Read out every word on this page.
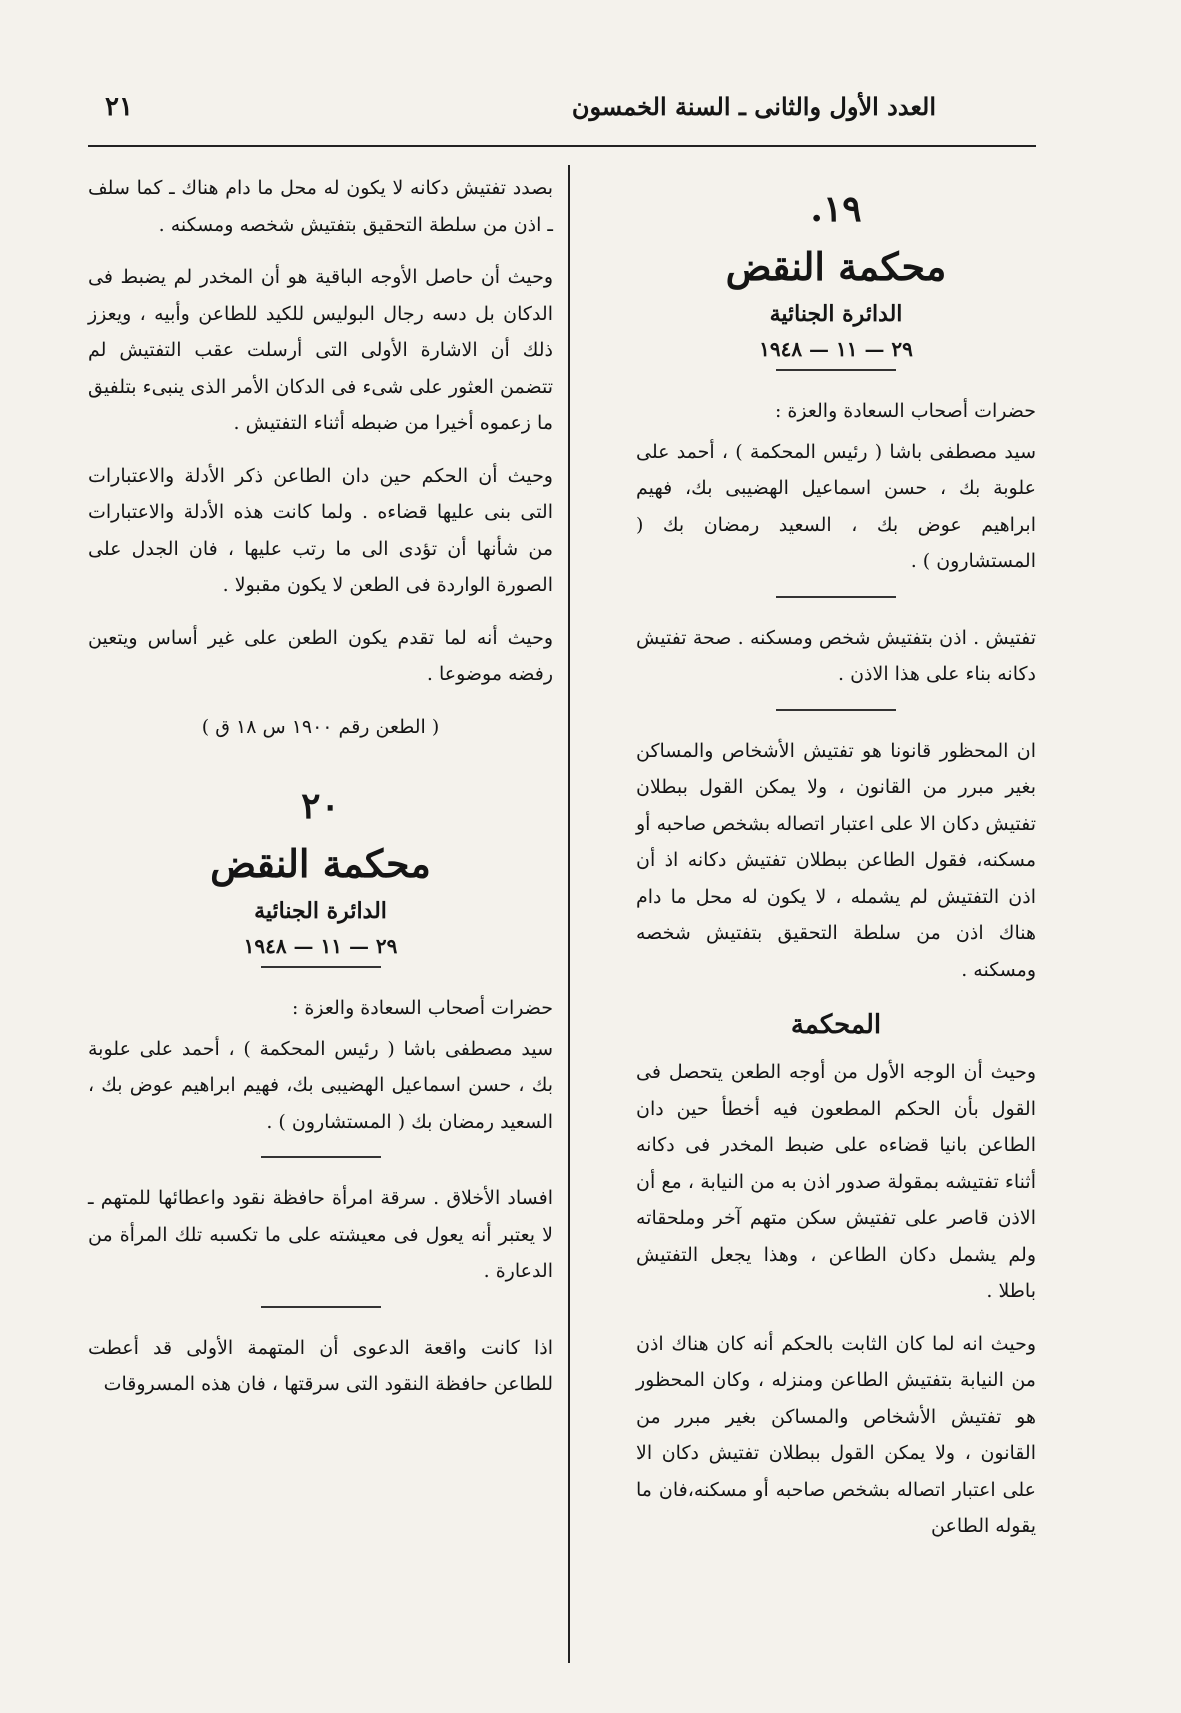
العدد الأول والثانى ـ السنة الخمسون
٢١
١٩.
محكمة النقض
الدائرة الجنائية
٢٩ — ١١ — ١٩٤٨

حضرات أصحاب السعادة والعزة :

سيد مصطفى باشا ( رئيس المحكمة ) ، أحمد على علوبة بك ، حسن اسماعيل الهضيبى بك، فهيم ابراهيم عوض بك ، السعيد رمضان بك ( المستشارون ) .

تفتيش . اذن بتفتيش شخص ومسكنه . صحة تفتيش دكانه بناء على هذا الاذن .

ان المحظور قانونا هو تفتيش الأشخاص والمساكن بغير مبرر من القانون ، ولا يمكن القول ببطلان تفتيش دكان الا على اعتبار اتصاله بشخص صاحبه أو مسكنه، فقول الطاعن ببطلان تفتيش دكانه اذ أن اذن التفتيش لم يشمله ، لا يكون له محل ما دام هناك اذن من سلطة التحقيق بتفتيش شخصه ومسكنه .

المحكمة

وحيث أن الوجه الأول من أوجه الطعن يتحصل فى القول بأن الحكم المطعون فيه أخطأ حين دان الطاعن بانيا قضاءه على ضبط المخدر فى دكانه أثناء تفتيشه بمقولة صدور اذن به من النيابة ، مع أن الاذن قاصر على تفتيش سكن متهم آخر وملحقاته ولم يشمل دكان الطاعن ، وهذا يجعل التفتيش باطلا .

وحيث انه لما كان الثابت بالحكم أنه كان هناك اذن من النيابة بتفتيش الطاعن ومنزله ، وكان المحظور هو تفتيش الأشخاص والمساكن بغير مبرر من القانون ، ولا يمكن القول ببطلان تفتيش دكان الا على اعتبار اتصاله بشخص صاحبه أو مسكنه،فان ما يقوله الطاعن

بصدد تفتيش دكانه لا يكون له محل ما دام هناك ـ كما سلف ـ اذن من سلطة التحقيق بتفتيش شخصه ومسكنه .

وحيث أن حاصل الأوجه الباقية هو أن المخدر لم يضبط فى الدكان بل دسه رجال البوليس للكيد للطاعن وأبيه ، ويعزز ذلك أن الاشارة الأولى التى أرسلت عقب التفتيش لم تتضمن العثور على شىء فى الدكان الأمر الذى ينبىء بتلفيق ما زعموه أخيرا من ضبطه أثناء التفتيش .

وحيث أن الحكم حين دان الطاعن ذكر الأدلة والاعتبارات التى بنى عليها قضاءه . ولما كانت هذه الأدلة والاعتبارات من شأنها أن تؤدى الى ما رتب عليها ، فان الجدل على الصورة الواردة فى الطعن لا يكون مقبولا .

وحيث أنه لما تقدم يكون الطعن على غير أساس ويتعين رفضه موضوعا .

( الطعن رقم ١٩٠٠ س ١٨ ق )

٢٠
محكمة النقض
الدائرة الجنائية
٢٩ — ١١ — ١٩٤٨

حضرات أصحاب السعادة والعزة :

سيد مصطفى باشا ( رئيس المحكمة ) ، أحمد على علوبة بك ، حسن اسماعيل الهضيبى بك، فهيم ابراهيم عوض بك ، السعيد رمضان بك ( المستشارون ) .

افساد الأخلاق . سرقة امرأة حافظة نقود واعطائها للمتهم ـ لا يعتبر أنه يعول فى معيشته على ما تكسبه تلك المرأة من الدعارة .

اذا كانت واقعة الدعوى أن المتهمة الأولى قد أعطت للطاعن حافظة النقود التى سرقتها ، فان هذه المسروقات
